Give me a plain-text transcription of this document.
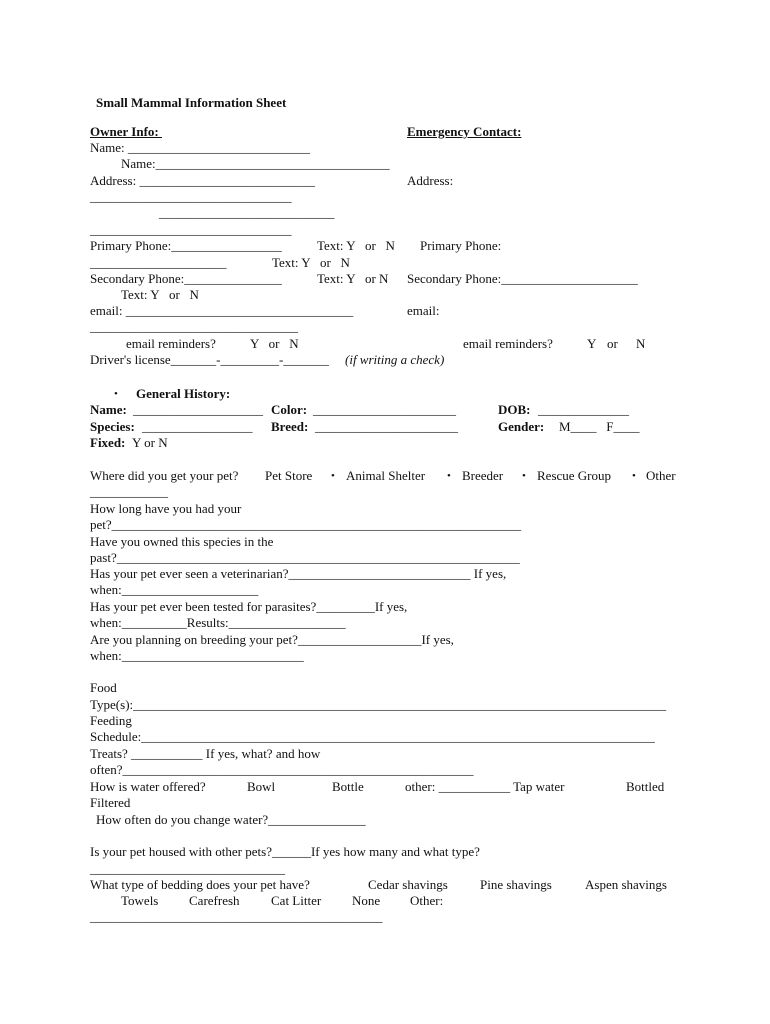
Small Mammal Information Sheet
Owner Info:	Emergency Contact:
Name: ____________________________
Name:____________________________________
Address: ___________________________	Address:
_______________________________
___________________________
_______________________________
Primary Phone:_________________	Text: Y   or   N Primary Phone:
_____________________	Text: Y   or   N
Secondary Phone:_______________	Text: Y   or N Secondary Phone:_____________________
Text: Y   or   N
email: ___________________________________	email:
________________________________
email reminders?	Y   or   N	email reminders?	Y or N
Driver's license_______-_________-_______ (if writing a check)
• General History:
Name: ____________________ Color: ______________________	DOB: ______________
Species: _________________ Breed: ______________________	Gender: M____   F____
Fixed: Y or N
Where did you get your pet? Pet Store • Animal Shelter • Breeder • Rescue Group • Other
____________
How long have you had your
pet?_______________________________________________________________
Have you owned this species in the
past?______________________________________________________________
Has your pet ever seen a veterinarian?____________________________ If yes,
when:_____________________
Has your pet ever been tested for parasites?_________If yes,
when:__________Results:__________________
Are you planning on breeding your pet?___________________If yes,
when:____________________________
Food
Type(s):__________________________________________________________________________________
Feeding
Schedule:_______________________________________________________________________________
Treats? ___________ If yes, what? and how
often?______________________________________________________
How is water offered?	Bowl	Bottle	other: ___________ Tap water	Bottled
Filtered
How often do you change water?_______________
Is your pet housed with other pets?______If yes how many and what type?
______________________________
What type of bedding does your pet have?	Cedar shavings Pine shavings	Aspen shavings
Towels Carefresh Cat Litter None Other:
_____________________________________________
